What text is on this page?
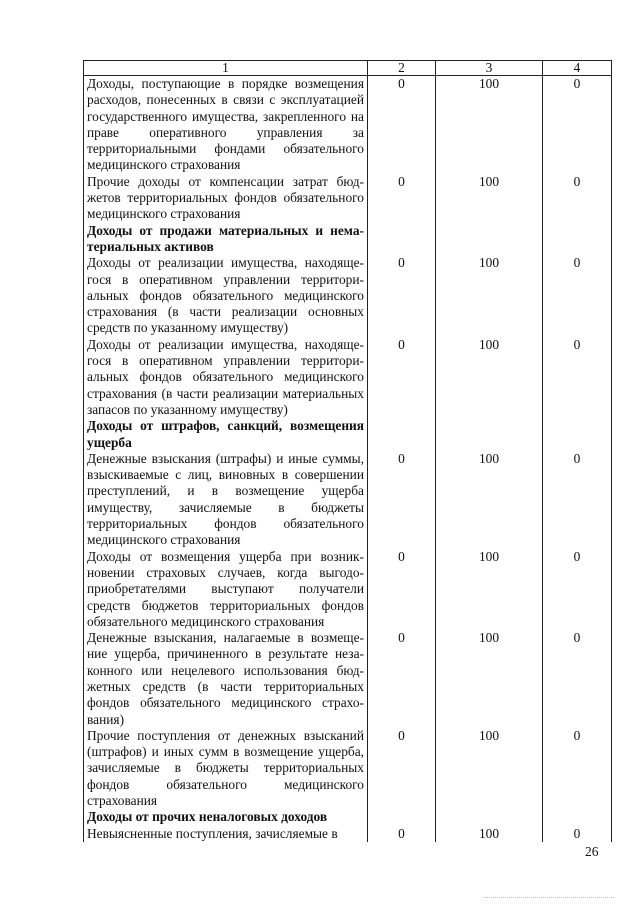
1	2	3	4
Доходы, поступающие в порядке возмещения расходов, понесенных в связи с эксплуатацией государственного имущества, закрепленного на праве оперативного управления за территориальными фондами обязательного медицинского страхования	0	100	0
Прочие доходы от компенсации затрат бюджетов территориальных фондов обязательного медицинского страхования	0	100	0
Доходы от продажи материальных и нематериальных активов			
Доходы от реализации имущества, находящегося в оперативном управлении территориальных фондов обязательного медицинского страхования (в части реализации основных средств по указанному имуществу)	0	100	0
Доходы от реализации имущества, находящегося в оперативном управлении территориальных фондов обязательного медицинского страхования (в части реализации материальных запасов по указанному имуществу)	0	100	0
Доходы от штрафов, санкций, возмещения ущерба			
Денежные взыскания (штрафы) и иные суммы, взыскиваемые с лиц, виновных в совершении преступлений, и в возмещение ущерба имуществу, зачисляемые в бюджеты территориальных фондов обязательного медицинского страхования	0	100	0
Доходы от возмещения ущерба при возникновении страховых случаев, когда выгодоприобретателями выступают получатели средств бюджетов территориальных фондов обязательного медицинского страхования	0	100	0
Денежные взыскания, налагаемые в возмещение ущерба, причиненного в результате незаконного или нецелевого использования бюджетных средств (в части территориальных фондов обязательного медицинского страхования)	0	100	0
Прочие поступления от денежных взысканий (штрафов) и иных сумм в возмещение ущерба, зачисляемые в бюджеты территориальных фондов обязательного медицинского страхования	0	100	0
Доходы от прочих неналоговых доходов			
Невыясненные поступления, зачисляемые в	0	100	0
26
